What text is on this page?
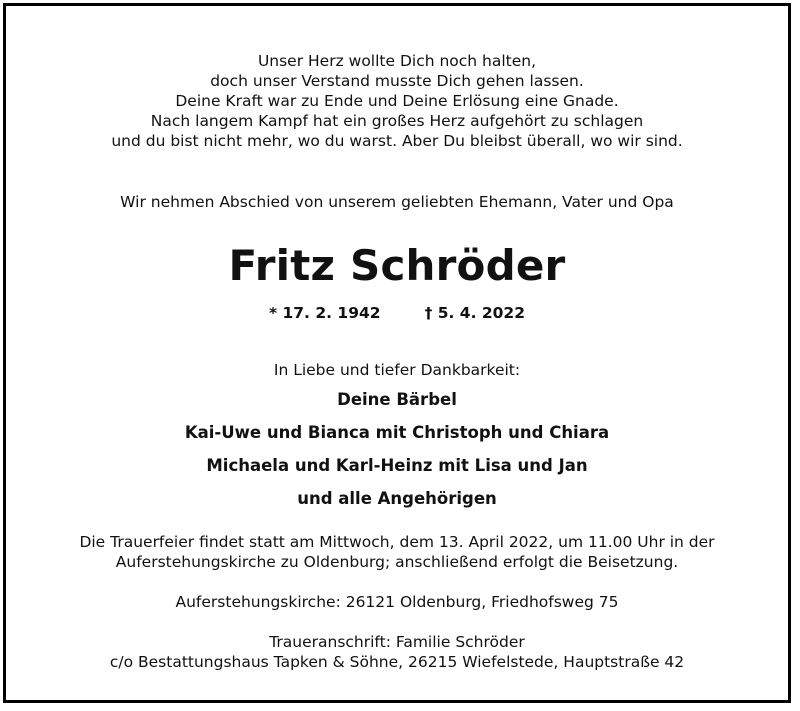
Unser Herz wollte Dich noch halten,
doch unser Verstand musste Dich gehen lassen.
Deine Kraft war zu Ende und Deine Erlösung eine Gnade.
Nach langem Kampf hat ein großes Herz aufgehört zu schlagen
und du bist nicht mehr, wo du warst. Aber Du bleibst überall, wo wir sind.
Wir nehmen Abschied von unserem geliebten Ehemann, Vater und Opa
Fritz Schröder
* 17. 2. 1942	† 5. 4. 2022
In Liebe und tiefer Dankbarkeit:
Deine Bärbel
Kai-Uwe und Bianca mit Christoph und Chiara
Michaela und Karl-Heinz mit Lisa und Jan
und alle Angehörigen
Die Trauerfeier findet statt am Mittwoch, dem 13. April 2022, um 11.00 Uhr in der
Auferstehungskirche zu Oldenburg; anschließend erfolgt die Beisetzung.
Auferstehungskirche: 26121 Oldenburg, Friedhofsweg 75
Traueranschrift: Familie Schröder
c/o Bestattungshaus Tapken & Söhne, 26215 Wiefelstede, Hauptstraße 42
